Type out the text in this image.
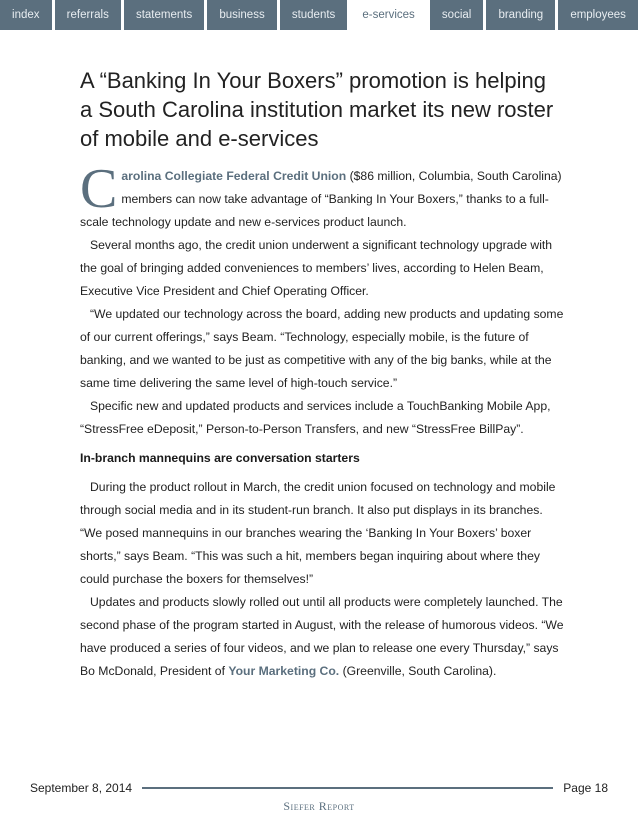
index	referrals	statements	business	students	e-services	social	branding	employees
A “Banking In Your Boxers” promotion is helping a South Carolina institution market its new roster of mobile and e-services

Carolina Collegiate Federal Credit Union ($86 million, Columbia, South Carolina) members can now take advantage of “Banking In Your Boxers,” thanks to a full-scale technology update and new e-services product launch.

Several months ago, the credit union underwent a significant technology upgrade with the goal of bringing added conveniences to members’ lives, according to Helen Beam, Executive Vice President and Chief Operating Officer.

“We updated our technology across the board, adding new products and updating some of our current offerings,” says Beam. “Technology, especially mobile, is the future of banking, and we wanted to be just as competitive with any of the big banks, while at the same time delivering the same level of high-touch service.”

Specific new and updated products and services include a TouchBanking Mobile App, “StressFree eDeposit,” Person-to-Person Transfers, and new “StressFree BillPay”.

In-branch mannequins are conversation starters

During the product rollout in March, the credit union focused on technology and mobile through social media and in its student-run branch. It also put displays in its branches. “We posed mannequins in our branches wearing the ‘Banking In Your Boxers’ boxer shorts,” says Beam. “This was such a hit, members began inquiring about where they could purchase the boxers for themselves!”

Updates and products slowly rolled out until all products were completely launched. The second phase of the program started in August, with the release of humorous videos. “We have produced a series of four videos, and we plan to release one every Thursday,” says Bo McDonald, President of Your Marketing Co. (Greenville, South Carolina).

September 8, 2014	Page 18
Siefer Report
